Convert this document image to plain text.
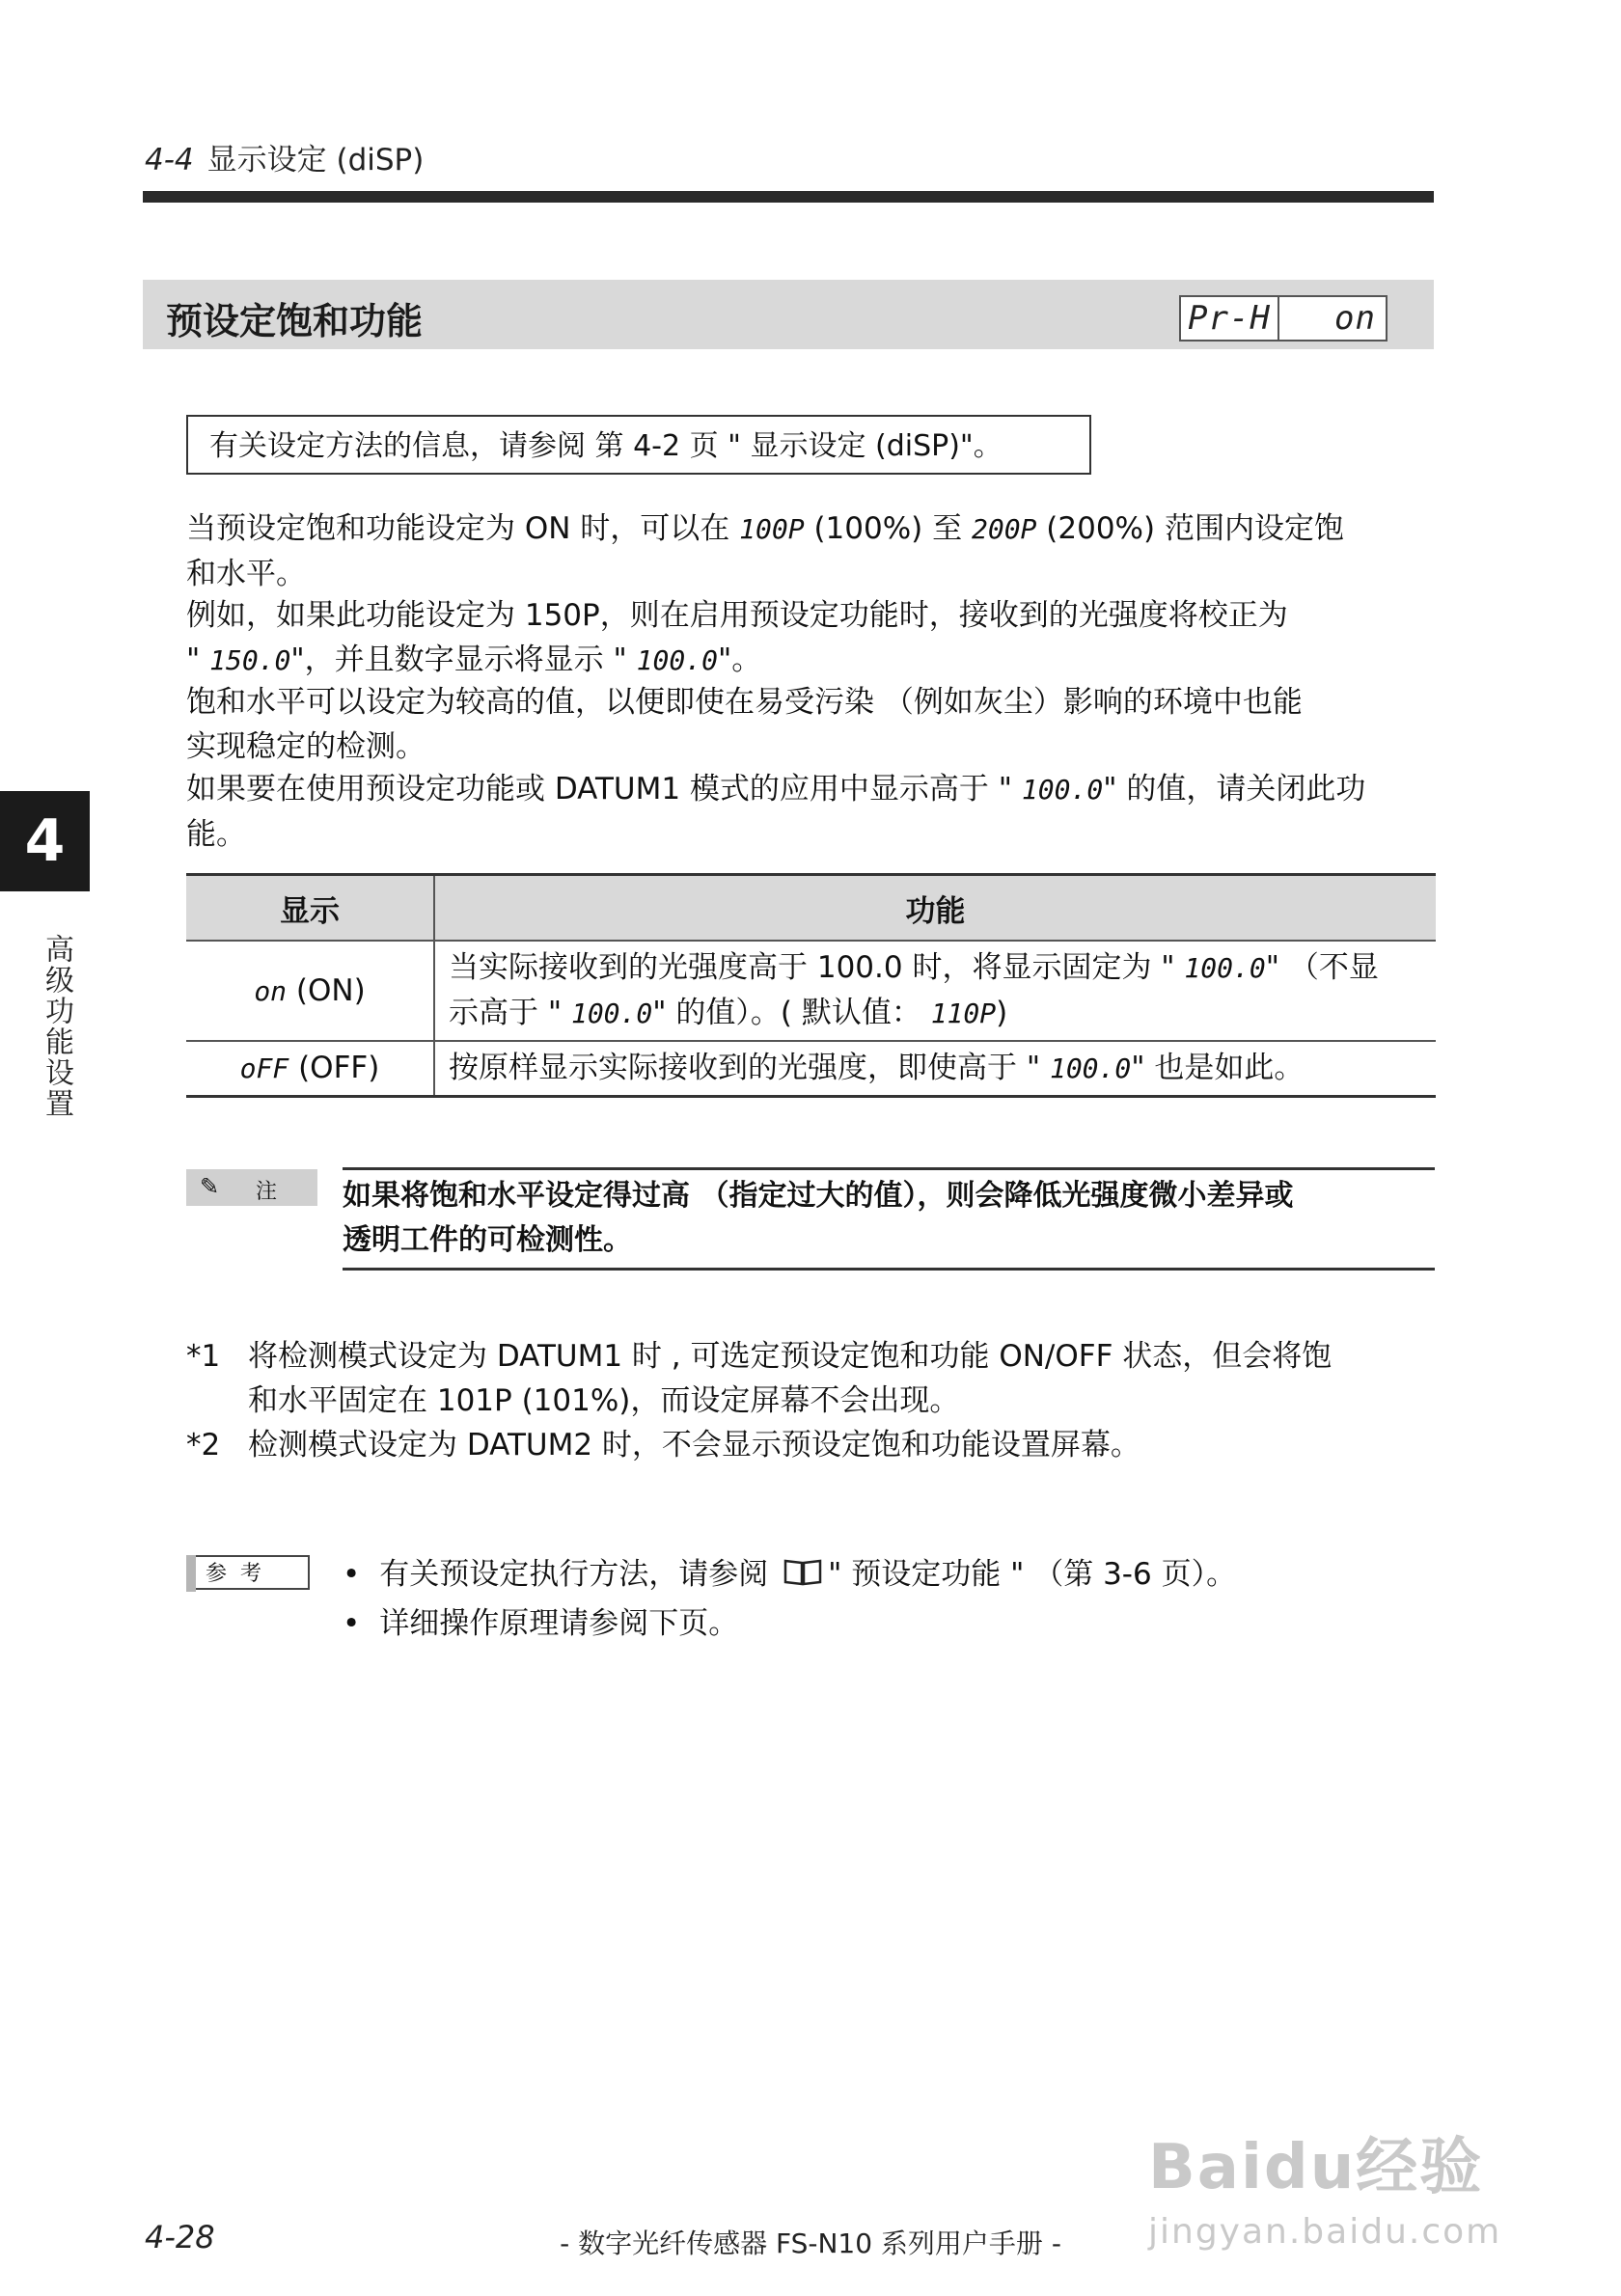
4-4 显示设定 (diSP)
预设定饱和功能	Pr-H	on
有关设定方法的信息，请参阅 第 4-2 页 " 显示设定 (diSP)"。
当预设定饱和功能设定为 ON 时，可以在 100P (100%) 至 200P (200%) 范围内设定饱
和水平。
例如，如果此功能设定为 150P，则在启用预设定功能时，接收到的光强度将校正为
" 150.0"，并且数字显示将显示 " 100.0"。
饱和水平可以设定为较高的值，以便即使在易受污染 （例如灰尘）影响的环境中也能
实现稳定的检测。
如果要在使用预设定功能或 DATUM1 模式的应用中显示高于 " 100.0" 的值，请关闭此功
能。
4
高级功能设置
显示	功能
on (ON)	当实际接收到的光强度高于 100.0 时，将显示固定为 " 100.0" （不显
示高于 " 100.0" 的值）。( 默认值： 110P)

oFF (OFF)	按原样显示实际接收到的光强度，即使高于 " 100.0" 也是如此。
✎ 注 如果将饱和水平设定得过高 （指定过大的值），则会降低光强度微小差异或
透明工件的可检测性。
*1 将检测模式设定为 DATUM1 时 , 可选定预设定饱和功能 ON/OFF 状态，但会将饱
和水平固定在 101P (101%)，而设定屏幕不会出现。
*2 检测模式设定为 DATUM2 时，不会显示预设定饱和功能设置屏幕。
参考	• 有关预设定执行方法，请参阅 " 预设定功能 " （第 3-6 页）。
• 详细操作原理请参阅下页。
Baidu经验
jingyan.baidu.com
4-28	- 数字光纤传感器 FS-N10 系列用户手册 -
